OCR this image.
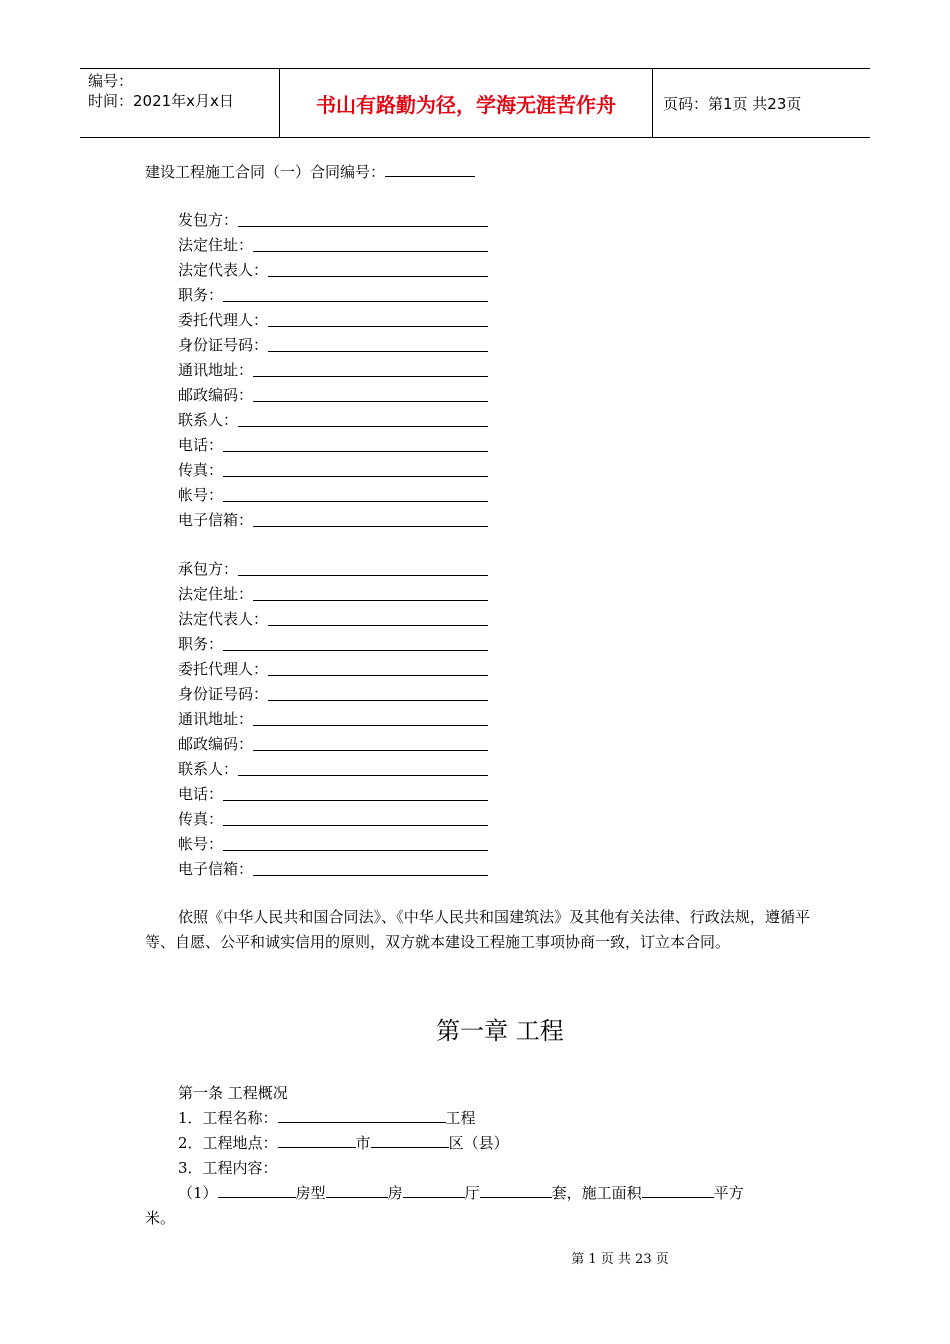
编号：
时间：2021年x月x日	书山有路勤为径，学海无涯苦作舟	页码：第1页 共23页
建设工程施工合同（一）合同编号：
发包方：
法定住址：
法定代表人：
职务：
委托代理人：
身份证号码：
通讯地址：
邮政编码：
联系人：
电话：
传真：
帐号：
电子信箱：
承包方：
法定住址：
法定代表人：
职务：
委托代理人：
身份证号码：
通讯地址：
邮政编码：
联系人：
电话：
传真：
帐号：
电子信箱：
依照《中华人民共和国合同法》、《中华人民共和国建筑法》及其他有关法律、行政法规，遵循平等、自愿、公平和诚实信用的原则，双方就本建设工程施工事项协商一致，订立本合同。
第一章 工程
第一条 工程概况
1．工程名称：	工程
2．工程地点：	市	区（县）
3．工程内容：
（1）	房型	房	厅	套，施工面积	平方
米。
第 1 页 共 23 页
